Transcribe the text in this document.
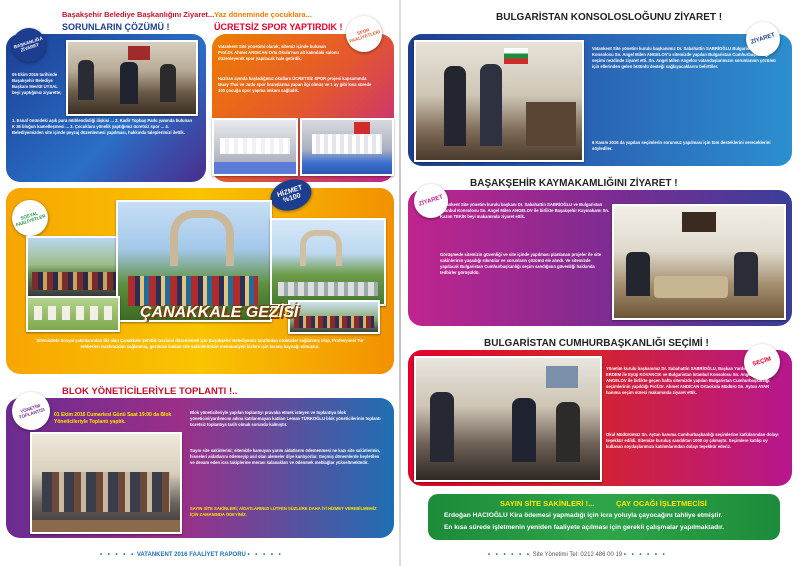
BAŞKANLIĞA ZİYARET
Başakşehir Belediye Başkanlığını Ziyaret...
SORUNLARIN ÇÖZÜMÜ !
05 Ekim 2016 tarihinde Başakşehir Belediye Başkanı Mevlüt UYSAL beyi yaptığımız ziyarette;
1. Esnaf önündeki aşık para mühlendisliği ilişkisi ... 2. Kadir Topbaş Parkı yanında bulunan K 35 bloğun kamelleşmesi ... 3. Çocuklara yönelik yaptığımız ücretsiz spor ... 4. Belediyemizden site içinde peyzaj düzenlemesi yapılması, hakkında taleplerimizi ilettik.
SPOR FAALİYETLERİ
Yaz döneminde çocuklara...
ÜCRETSİZ SPOR YAPTIRDIK !
Vatankent Site yönetimi olarak; sitemiz içinde bulunan Prof.Dr. Ahmet ANDICAN Orta Okulu'nun alt katındaki salonu düzenleyerek spor yapılacak hale getirdik.
Haziran ayında başladığımız okullara ÜCRETSİZ SPOR projesi kapsamında Muay Thai ve Judo spor branşlarına yapan ilgi olmuş ve 1 ay gibi kısa sürede 100 çocuğa spor yapma imkanı sağladık.
SOSYAL FAALİYETLER
HİZMET %100
ÇANAKKALE GEZİSİ
Sitemizdeki Sosyal yakınlarından ilki olan Çanakkale Şehitlik Gezisini düzenlemek için Başakşehir Belediyemiz tarafından otobüsler sağlanmış olup, Profesyonel Tur rehberleri tarafımızdan sağlanmış, gezimize katılan site sakinlerimizin memnuniyeti bizlere için kıvanç kaynağı olmuştur.
YÖNETİM TOPLANTISI
BLOK YÖNETİCİLERİYLE TOPLANTI !..
01 Ekim 2016 Cumartesi Günü Saat 19:00 da Blok Yöneticileriyle Toplantı yaptık.
Blok yöneticileriyle yapılan toplantıyı pravaka etmek isteyen ve toplantıya blok yöneticisi/yardımcısı adına katılanmayan katılan Leman TÜRKOĞLU blok yöneticilerinin toplantı ücretsiz toplantıya tarih olmak sorunda kalmıştır.
Sayın site sakinlerini; sitemizle kamuyan yarını aidatlarını ödemenmesi ne kazı site sakinlerinin, hisseleri aidatlarını ödemeyip asıl olan alemeler diye kanlıyorlar. Geçmiş dönemlerde beyletilen ve devam eden icra takiplerine merası kalanakları ve ödenmek meblağlar yükseltmektedir.
SAYIN SİTE SAKİNLERİ; AİDATLARINIZI LÜTFEN SÜZLERE DAHA İYİ HİZMET VEREBİLMEMİZ İÇİN ZAMANINDA ÖDEYİNİZ.
• • • • • VATANKENT 2016 FAALİYET RAPORU • • • • •
BULGARİSTAN KONSOLOSLOĞUNU ZİYARET !
ZİYARET
Vatankent Site yönetim kurulu başkanımız Dr. Sabahattin SABRİOĞLU Bulgaristan İstanbul Konsolosu Sn. Angel Milen ANGELOV'u sitemizde yapılan Bulgaristan Cumhurbaşkanlığı seçimi nezdinde ziyaret etti. Sn. Angel Milen Angelov vatandaşlarımızın sorunlarının çözümü için ellerinden gelen bütünlü desteği sağlayacaklarını belirttiler.
6 Kasım 2016 da yapılan seçimlerin sorunsuz yapılması için tüm desteklerini vereceklerini söylediler.
BAŞAKŞEHİR KAYMAKAMLIĞINI ZİYARET !
ZİYARET
Vatankent Site yönetim kurulu başkanı Dr. Sabahattin SABRİOĞLU ve Bulgaristan İstanbul Konsolosu Sn. Angel Milen ANGELOV ile birlikte Başakşehir Kaymakamı Sn. Kazım TEKİN beyi makamında ziyaret ettik.
Görüşmede sitemizin güvenliği ve site içinde yapılması planlanan projeler ile site sakinlerinin yaşadığı sıkıntılar ve sorunların çözümü ele alındı. Ve sitemizde yapılacak Bulgaristan Cumhurbaşkanlığı seçim sandığının güvenliği hakkında tedbirler görüşüldü.
BULGARİSTAN CUMHURBAŞKANLIĞI SEÇİMİ !
SEÇİM
Yönetim kurulu başkanımız Dr. Sabahattin SABRİOĞLU, Başkan Yardımcısı İsmail ERDEM ile Eyüp KOVANCIK ve Bulgaristan İstanbul Konsolosu Sn. Angel Milen ANGELOV ile birlikte geçen hafta sitemizde yapılan Bulgaristan Cumhurbaşkanlığı seçimlerinin yapıldığı Prof.Dr. Ahmet ANDICAN Ortaokulu Müdürü Sn. Aytun AYAN hanıma seçim süreci makamında ziyaret ettik.
Okul Müdürümüz Sn. Aytun hanıma Cumhurbaşkanlığı seçimlerine katkılarından dolayı teşekkür edildi. Sitemize kuruluş sandıktan 1000 oy çıkmıştır. Seçimlere katılıp oy kullanan soydaşlarımıza katılımlarından dolayı teşekkür ederiz.
SAYIN SİTE SAKİNLERİ !...	ÇAY OCAĞI İŞLETMECİSİ
Erdoğan HACIOĞLU Kira ödemesi yapmadığı için icra yoluyla çayocağını tahliye etmiştir.
En kısa sürede işletmenin yeniden faaliyete açılması için gerekli çalışmalar yapılmaktadır.
• • • • • • Site Yönetimi Tel: 0212 486 00 19 • • • • • •
